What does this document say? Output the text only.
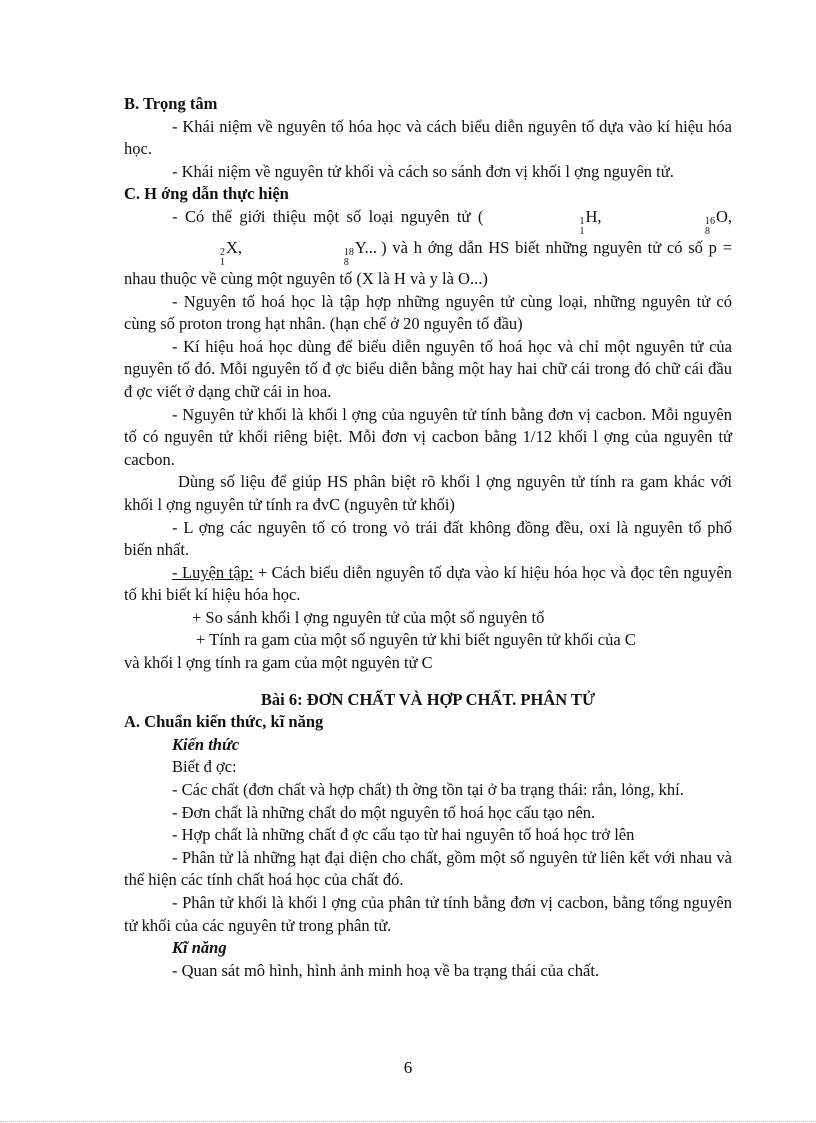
B. Trọng tâm

- Khái niệm về nguyên tố hóa học và cách biểu diễn nguyên tố dựa vào kí hiệu hóa học.

- Khái niệm về nguyên tử khối và cách so sánh đơn vị khối l ợng nguyên tử.

C. H ớng dẫn thực hiện

- Có thể giới thiệu một số loại nguyên tử (	1
1
H,	16
8
O,
2
1
X,	18
8
Y... ) và h ớng dẫn HS biết những nguyên tử có số p = nhau thuộc về cùng một nguyên tố (X là H và y là O...)

- Nguyên tố hoá học là tập hợp những nguyên tử cùng loại, những nguyên tử có cùng số proton trong hạt nhân. (hạn chế ở 20 nguyên tố đầu)

- Kí hiệu hoá học dùng để biểu diễn nguyên tố hoá học và chỉ một nguyên tử của nguyên tố đó. Mỗi nguyên tố đ ợc biểu diễn bằng một hay hai chữ cái trong đó chữ cái đầu đ ợc viết ở dạng chữ cái in hoa.

- Nguyên tử khối là khối l ợng của nguyên tử tính bằng đơn vị cacbon. Mỗi nguyên tố có nguyên tử khối riêng biệt. Mỗi đơn vị cacbon bằng 1/12 khối l ợng của nguyên tử cacbon.

Dùng số liệu để giúp HS phân biệt rõ khối l ợng nguyên tử tính ra gam khác với khối l ợng nguyên tử tính ra đvC (nguyên tử khối)

- L ợng các nguyên tố có trong vỏ trái đất không đồng đều, oxi là nguyên tố phổ biến nhất.

- Luyện tập: + Cách biểu diễn nguyên tố dựa vào kí hiệu hóa học và đọc tên nguyên tố khi biết kí hiệu hóa học.

+ So sánh khối l ợng nguyên tử của một số nguyên tố

+ Tính ra gam của một số nguyên tử khi biết nguyên tử khối của C

và khối l ợng tính ra gam của một nguyên tử C

Bài 6: ĐƠN CHẤT VÀ HỢP CHẤT. PHÂN TỬ

A. Chuẩn kiến thức, kĩ năng

Kiến thức

Biết đ ợc:

- Các chất (đơn chất và hợp chất) th ờng tồn tại ở ba trạng thái: rắn, lỏng, khí.

- Đơn chất là những chất do một nguyên tố hoá học cấu tạo nên.

- Hợp chất là những chất đ ợc cấu tạo từ hai nguyên tố hoá học trở lên

- Phân tử là những hạt đại diện cho chất, gồm một số nguyên tử liên kết với nhau và thể hiện các tính chất hoá học của chất đó.

- Phân tử khối là khối l ợng của phân tử tính bằng đơn vị cacbon, bằng tổng nguyên tử khối của các nguyên tử trong phân tử.

Kĩ năng

- Quan sát mô hình, hình ảnh minh hoạ về ba trạng thái của chất.

6
